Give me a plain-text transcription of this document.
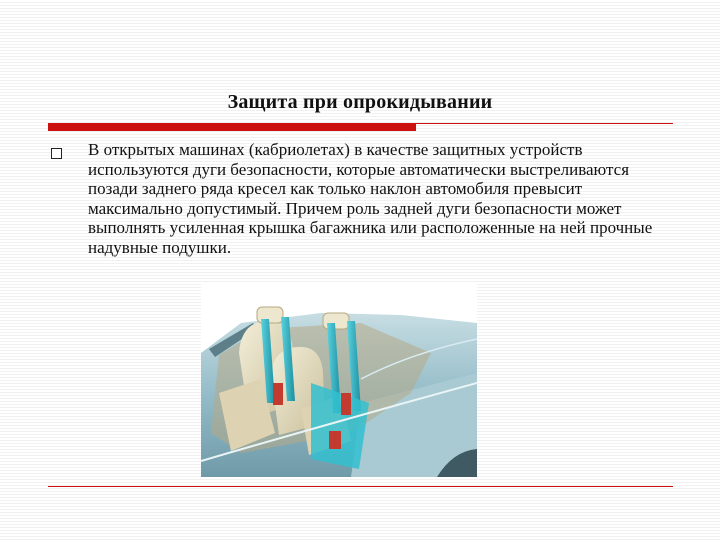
Защита при опрокидывании

В открытых машинах (кабриолетах) в качестве защитных устройств используются дуги безопасности, которые автоматически выстреливаются позади заднего ряда кресел как только наклон автомобиля превысит максимально допустимый. Причем роль задней дуги безопасности может выполнять усиленная крышка багажника или расположенные на ней прочные надувные подушки.
